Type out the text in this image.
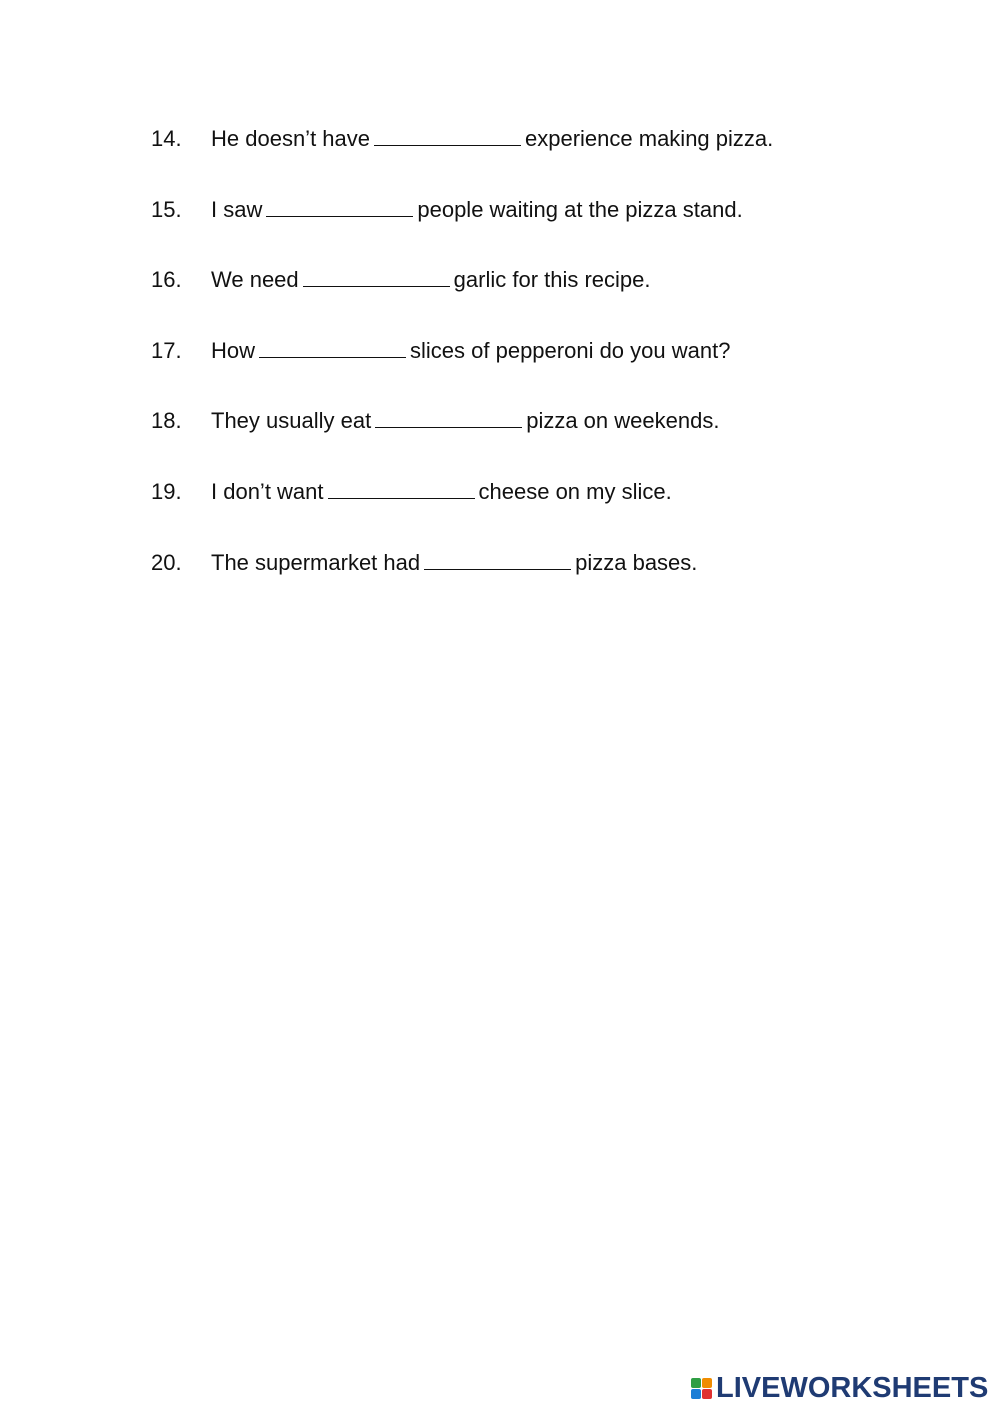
14. He doesn’t have	experience making pizza.
15. I saw	people waiting at the pizza stand.
16. We need	garlic for this recipe.
17. How	slices of pepperoni do you want?
18. They usually eat	pizza on weekends.
19. I don’t want	cheese on my slice.
20. The supermarket had	pizza bases.
LIVEWORKSHEETS
